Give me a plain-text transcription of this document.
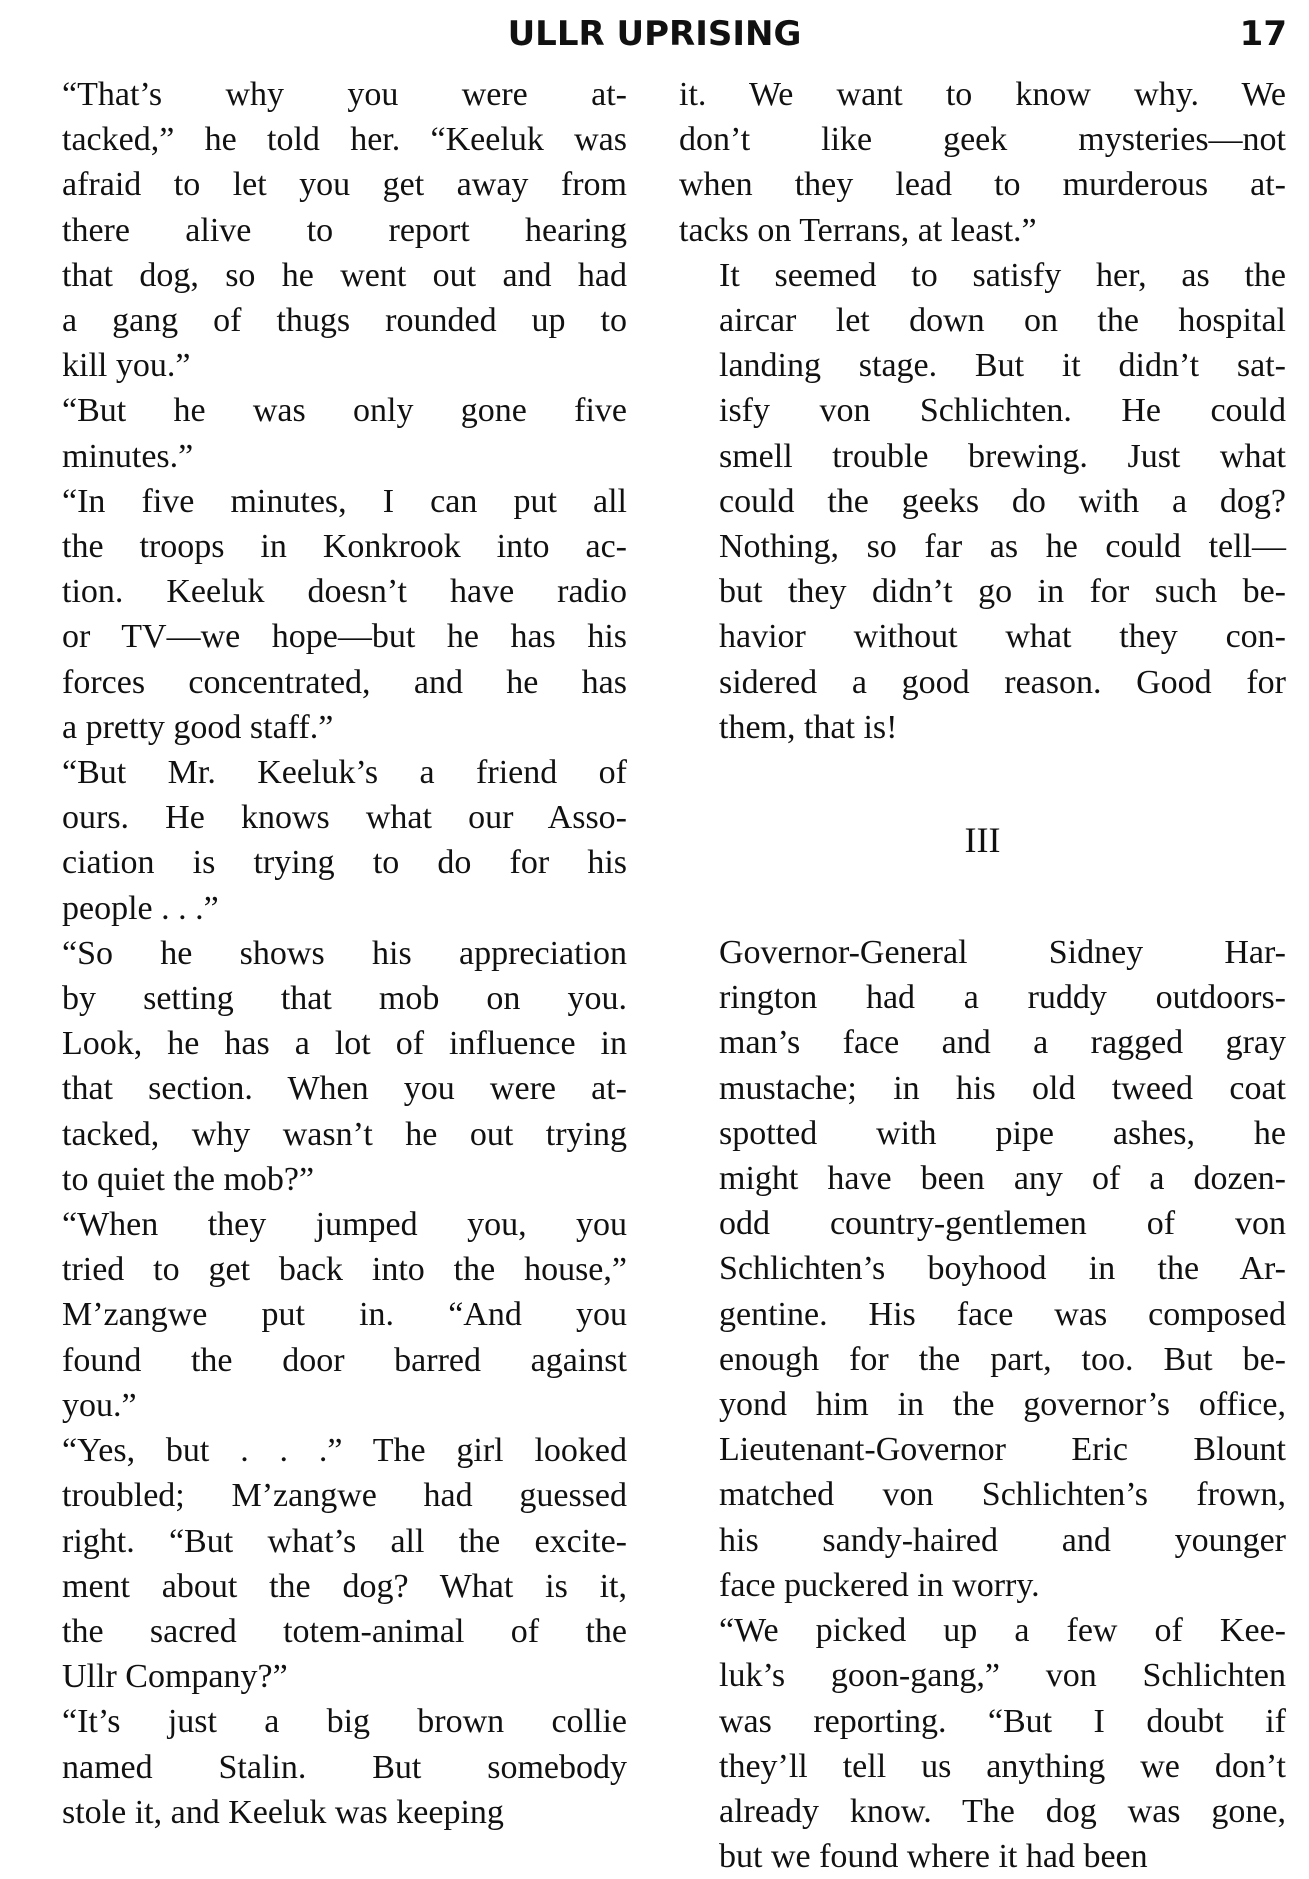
ULLR UPRISING	17
“That’s why you were at-
tacked,” he told her. “Keeluk was
afraid to let you get away from
there alive to report hearing
that dog, so he went out and had
a gang of thugs rounded up to
kill you.”
“But he was only gone five
minutes.”
“In five minutes, I can put all
the troops in Konkrook into ac-
tion. Keeluk doesn’t have radio
or TV—we hope—but he has his
forces concentrated, and he has
a pretty good staff.”
“But Mr. Keeluk’s a friend of
ours. He knows what our Asso-
ciation is trying to do for his
people . . .”
“So he shows his appreciation
by setting that mob on you.
Look, he has a lot of influence in
that section. When you were at-
tacked, why wasn’t he out trying
to quiet the mob?”
“When they jumped you, you
tried to get back into the house,”
M’zangwe put in. “And you
found the door barred against
you.”
“Yes, but . . .” The girl looked
troubled; M’zangwe had guessed
right. “But what’s all the excite-
ment about the dog? What is it,
the sacred totem-animal of the
Ullr Company?”
“It’s just a big brown collie
named Stalin. But somebody
stole it, and Keeluk was keeping
it. We want to know why. We
don’t like geek mysteries—not
when they lead to murderous at-
tacks on Terrans, at least.”
It seemed to satisfy her, as the
aircar let down on the hospital
landing stage. But it didn’t sat-
isfy von Schlichten. He could
smell trouble brewing. Just what
could the geeks do with a dog?
Nothing, so far as he could tell—
but they didn’t go in for such be-
havior without what they con-
sidered a good reason. Good for
them, that is!
III
Governor-General Sidney Har-
rington had a ruddy outdoors-
man’s face and a ragged gray
mustache; in his old tweed coat
spotted with pipe ashes, he
might have been any of a dozen-
odd country-gentlemen of von
Schlichten’s boyhood in the Ar-
gentine. His face was composed
enough for the part, too. But be-
yond him in the governor’s office,
Lieutenant-Governor Eric Blount
matched von Schlichten’s frown,
his sandy-haired and younger
face puckered in worry.
“We picked up a few of Kee-
luk’s goon-gang,” von Schlichten
was reporting. “But I doubt if
they’ll tell us anything we don’t
already know. The dog was gone,
but we found where it had been
